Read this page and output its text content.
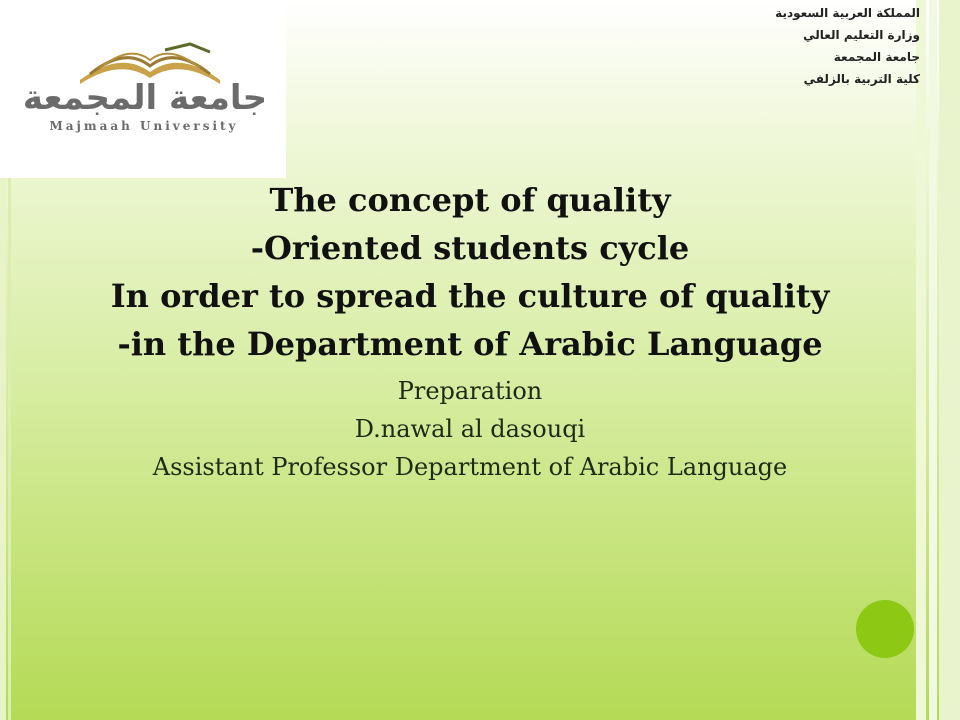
جامعة المجمعة
Majmaah University
المملكة العربية السعودية
وزارة التعليم العالي
جامعة المجمعة
كلية التربية بالزلفي
The concept of quality
-Oriented students cycle
In order to spread the culture of quality
-in the Department of Arabic Language
Preparation
D.nawal al dasouqi
Assistant Professor Department of Arabic Language
